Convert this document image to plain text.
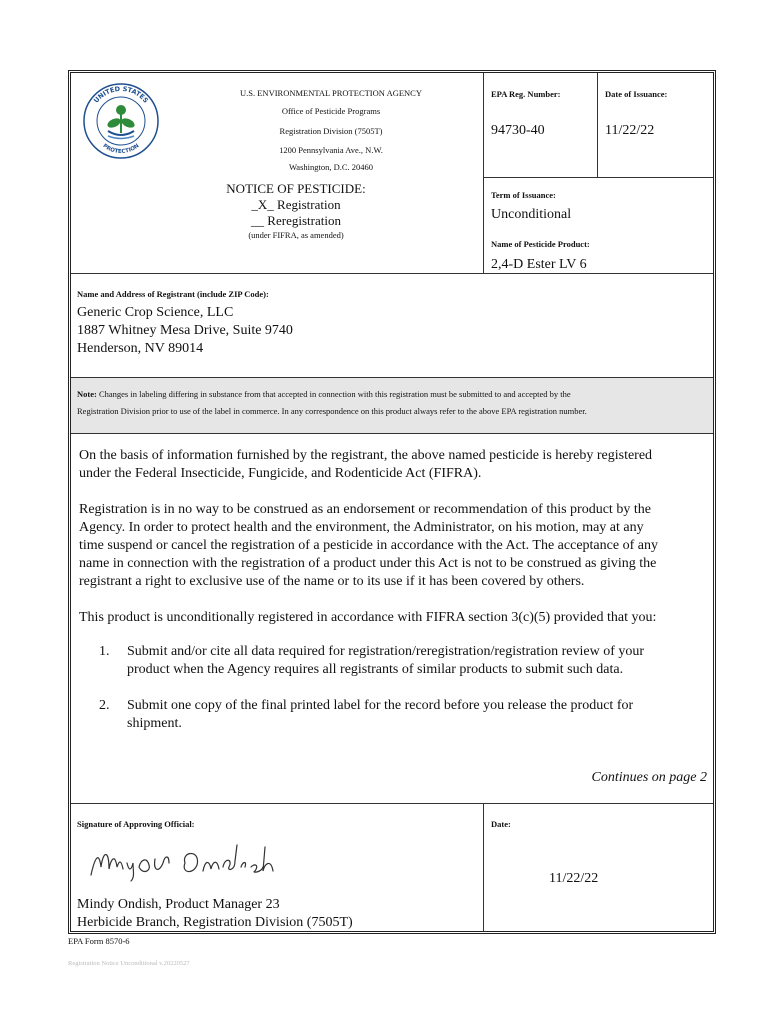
UNITED STATES
PROTECTION
U.S. ENVIRONMENTAL PROTECTION AGENCY
Office of Pesticide Programs
Registration Division (7505T)
1200 Pennsylvania Ave., N.W.
Washington, D.C. 20460
NOTICE OF PESTICIDE:
_X_ Registration
__ Reregistration
(under FIFRA, as amended)
EPA Reg. Number:
94730-40
Date of Issuance:
11/22/22
Term of Issuance:
Unconditional
Name of Pesticide Product:
2,4-D Ester LV 6
Name and Address of Registrant (include ZIP Code):
Generic Crop Science, LLC
1887 Whitney Mesa Drive, Suite 9740
Henderson, NV 89014
Note: Changes in labeling differing in substance from that accepted in connection with this registration must be submitted to and accepted by the
Registration Division prior to use of the label in commerce. In any correspondence on this product always refer to the above EPA registration number.
On the basis of information furnished by the registrant, the above named pesticide is hereby registered
under the Federal Insecticide, Fungicide, and Rodenticide Act (FIFRA).
Registration is in no way to be construed as an endorsement or recommendation of this product by the
Agency. In order to protect health and the environment, the Administrator, on his motion, may at any
time suspend or cancel the registration of a pesticide in accordance with the Act. The acceptance of any
name in connection with the registration of a product under this Act is not to be construed as giving the
registrant a right to exclusive use of the name or to its use if it has been covered by others.
This product is unconditionally registered in accordance with FIFRA section 3(c)(5) provided that you:
1. Submit and/or cite all data required for registration/reregistration/registration review of your
product when the Agency requires all registrants of similar products to submit such data.
2. Submit one copy of the final printed label for the record before you release the product for
shipment.
Continues on page 2
Signature of Approving Official:
Mindy Ondish, Product Manager 23
Herbicide Branch, Registration Division (7505T)
Date:
11/22/22
EPA Form 8570-6
Registration Notice Unconditional v.20220527
